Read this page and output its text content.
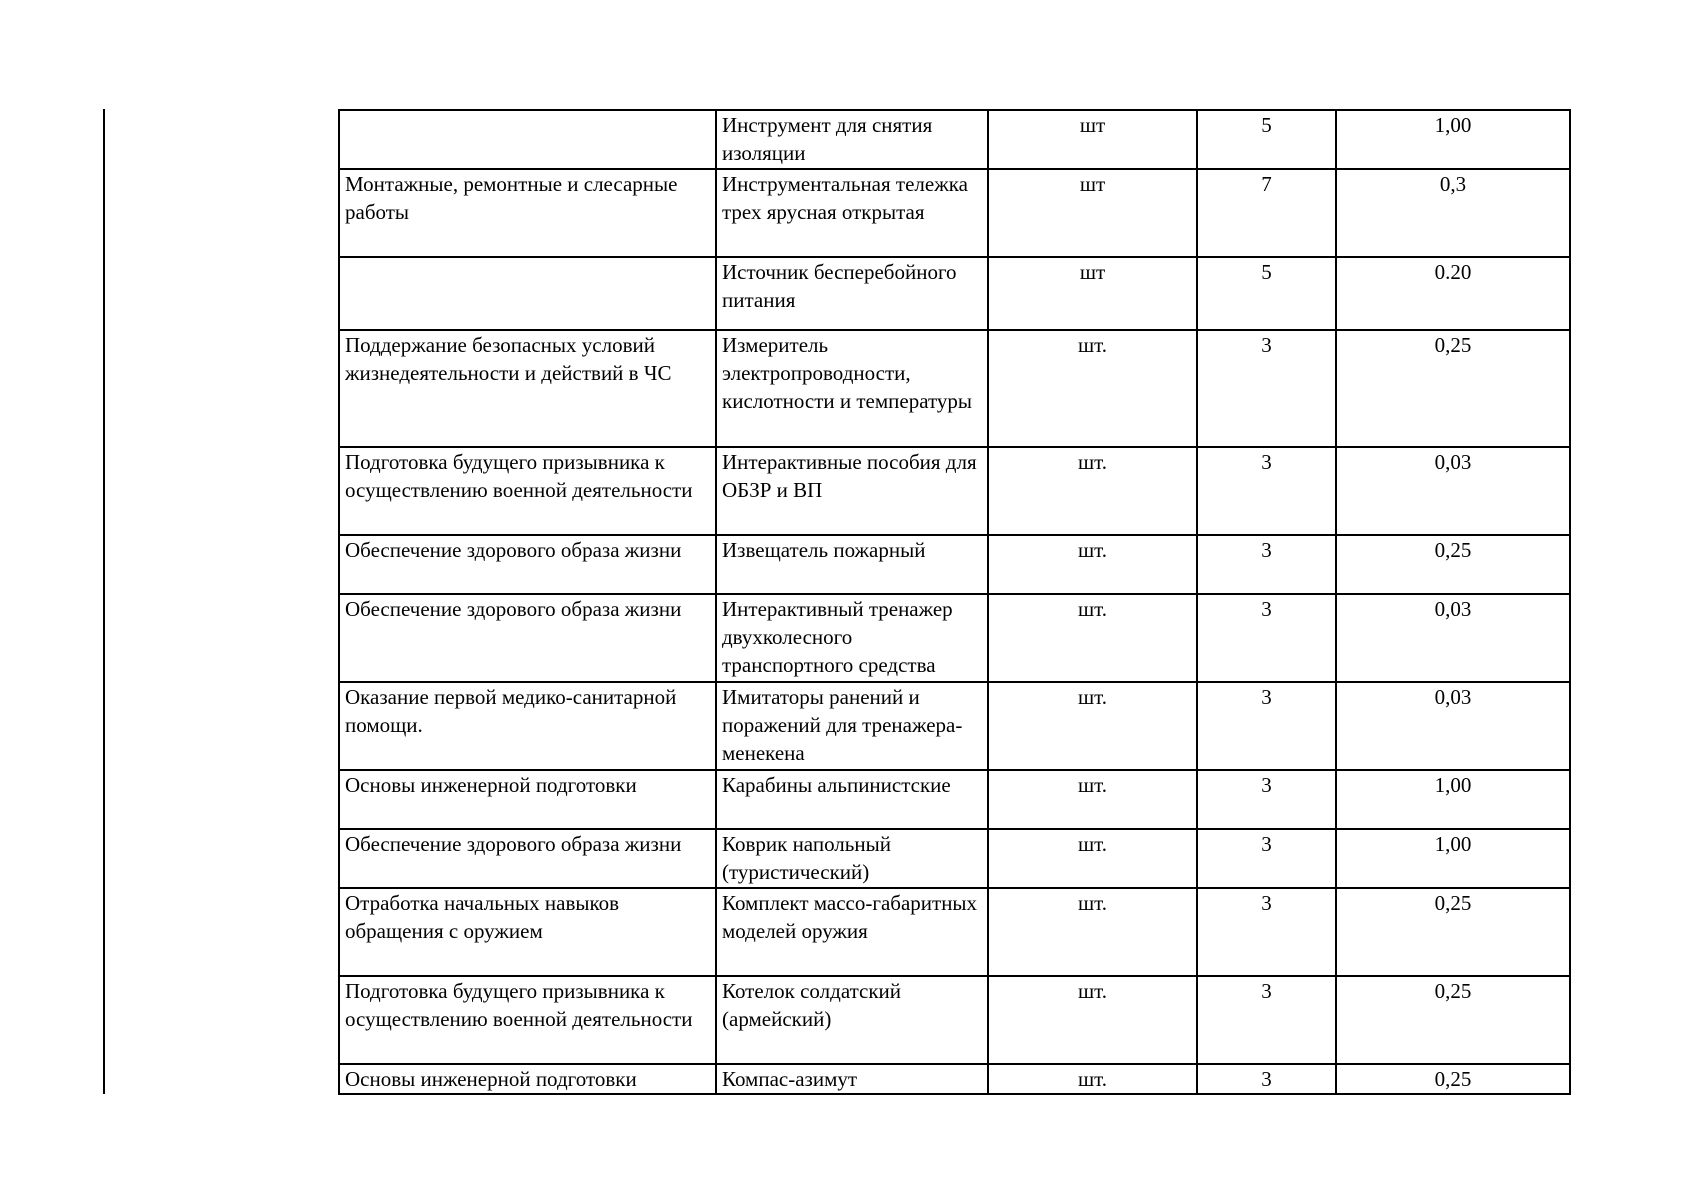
	Инструмент для снятия изоляции	шт	5	1,00
Монтажные, ремонтные и слесарные работы	Инструментальная тележка трех ярусная открытая	шт	7	0,3
	Источник бесперебойного питания	шт	5	0.20
Поддержание безопасных условий жизнедеятельности и действий в ЧС	Измеритель электропроводности, кислотности и температуры	шт.	3	0,25
Подготовка будущего призывника к осуществлению военной деятельности	Интерактивные пособия для ОБЗР и ВП	шт.	3	0,03
Обеспечение здорового образа жизни	Извещатель пожарный	шт.	3	0,25
Обеспечение здорового образа жизни	Интерактивный тренажер двухколесного транспортного средства	шт.	3	0,03
Оказание первой медико-санитарной помощи.	Имитаторы ранений и поражений для тренажера-менекена	шт.	3	0,03
Основы инженерной подготовки	Карабины альпинистские	шт.	3	1,00
Обеспечение здорового образа жизни	Коврик напольный (туристический)	шт.	3	1,00
Отработка начальных навыков обращения с оружием	Комплект массо-габаритных моделей оружия	шт.	3	0,25
Подготовка будущего призывника к осуществлению военной деятельности	Котелок солдатский (армейский)	шт.	3	0,25
Основы инженерной подготовки	Компас-азимут	шт.	3	0,25
